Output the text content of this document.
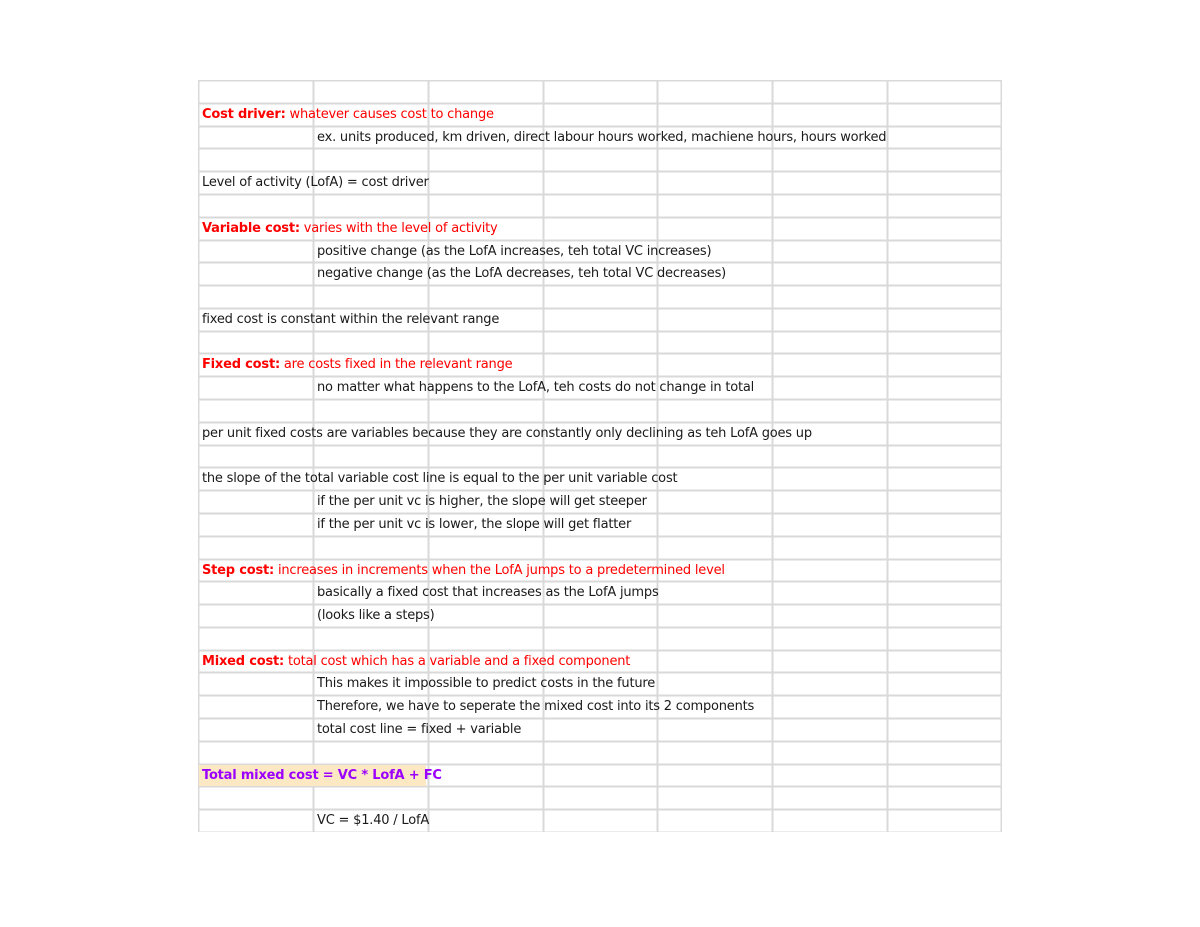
Cost driver: whatever causes cost to change
ex. units produced, km driven, direct labour hours worked, machiene hours, hours worked
Level of activity (LofA) = cost driver
Variable cost: varies with the level of activity
positive change (as the LofA increases, teh total VC increases)
negative change (as the LofA decreases, teh total VC decreases)
fixed cost is constant within the relevant range
Fixed cost: are costs fixed in the relevant range
no matter what happens to the LofA, teh costs do not change in total
per unit fixed costs are variables because they are constantly only declining as teh LofA goes up
the slope of the total variable cost line is equal to the per unit variable cost
if the per unit vc is higher, the slope will get steeper
if the per unit vc is lower, the slope will get flatter
Step cost: increases in increments when the LofA jumps to a predetermined level
basically a fixed cost that increases as the LofA jumps
(looks like a steps)
Mixed cost: total cost which has a variable and a fixed component
This makes it impossible to predict costs in the future
Therefore, we have to seperate the mixed cost into its 2 components
total cost line = fixed + variable
Total mixed cost = VC * LofA + FC
VC = $1.40 / LofA
